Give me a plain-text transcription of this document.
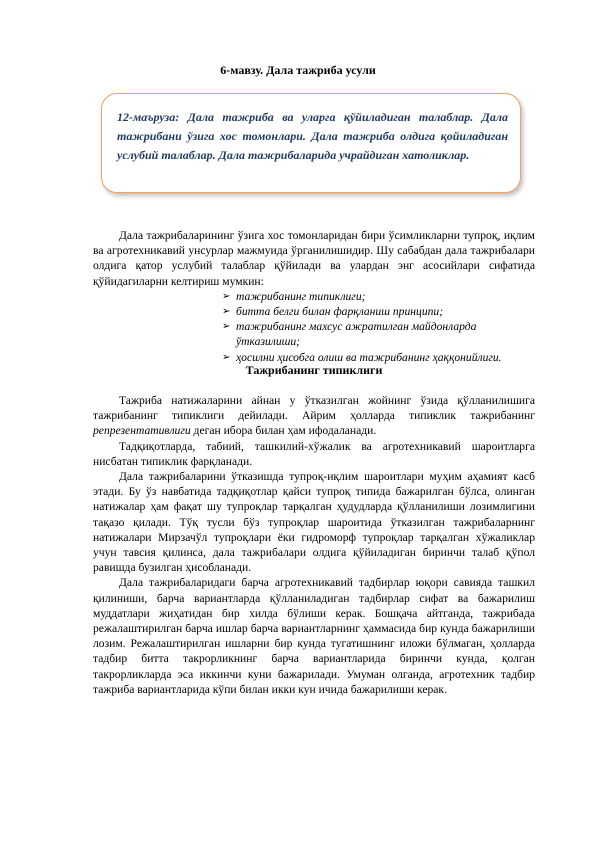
6-мавзу. Дала тажриба усули
12-маъруза: Дала тажриба ва уларга қўйиладиган талаблар. Дала тажрибани ўзига хос томонлари. Дала тажриба олдига қойиладиган услубий талаблар. Дала тажрибаларида учрайдиган хатоликлар.

Дала тажрибаларининг ўзига хос томонларидан бири ўсимликларни тупроқ, иқлим ва агротехникавий унсурлар мажмуида ўрганилишидир. Шу сабабдан дала тажрибалари олдига қатор услубий талаблар қўйилади ва улардан энг асосийлари сифатида қўйидагиларни келтириш мумкин:

➢ тажрибанинг типиклиги;
➢ битта белги билан фарқланиш принципи;
➢ тажрибанинг махсус ажратилган майдонларда ўтказилиши;
➢ ҳосилни ҳисобга олиш ва тажрибанинг ҳаққонийлиги.

Тажрибанинг типиклиги

Тажриба натижаларини айнан у ўтказилган жойнинг ўзида қўлланилишига тажрибанинг типиклиги дейилади. Айрим ҳолларда типиклик тажрибанинг репрезентативлиги деган ибора билан ҳам ифодаланади.

Тадқиқотларда, табиий, ташкилий-хўжалик ва агротехникавий шароитларга нисбатан типиклик фарқланади.

Дала тажрибаларини ўтказишда тупроқ-иқлим шароитлари муҳим аҳамият касб этади. Бу ўз навбатида тадқиқотлар қайси тупроқ типида бажарилган бўлса, олинган натижалар ҳам фақат шу тупроқлар тарқалган ҳудудларда қўлланилиши лозимлигини тақазо қилади. Тўқ тусли бўз тупроқлар шароитида ўтказилган тажрибаларнинг натижалари Мирзачўл тупроқлари ёки гидроморф тупроқлар тарқалган хўжаликлар учун тавсия қилинса, дала тажрибалари олдига қўйиладиган биринчи талаб қўпол равишда бузилган ҳисобланади.

Дала тажрибаларидаги барча агротехникавий тадбирлар юқори савияда ташкил қилиниши, барча вариантларда қўлланиладиган тадбирлар сифат ва бажарилиш муддатлари жиҳатидан бир хилда бўлиши керак. Бошқача айтганда, тажрибада режалаштирилган барча ишлар барча вариантларнинг ҳаммасида бир кунда бажарилиши лозим. Режалаштирилган ишларни бир кунда тугатишнинг иложи бўлмаган, ҳолларда тадбир битта такрорликнинг барча вариантларида биринчи кунда, қолган такрорликларда эса иккинчи куни бажарилади. Умуман олганда, агротехник тадбир тажриба вариантларида кўпи билан икки кун ичида бажарилиши керак.
